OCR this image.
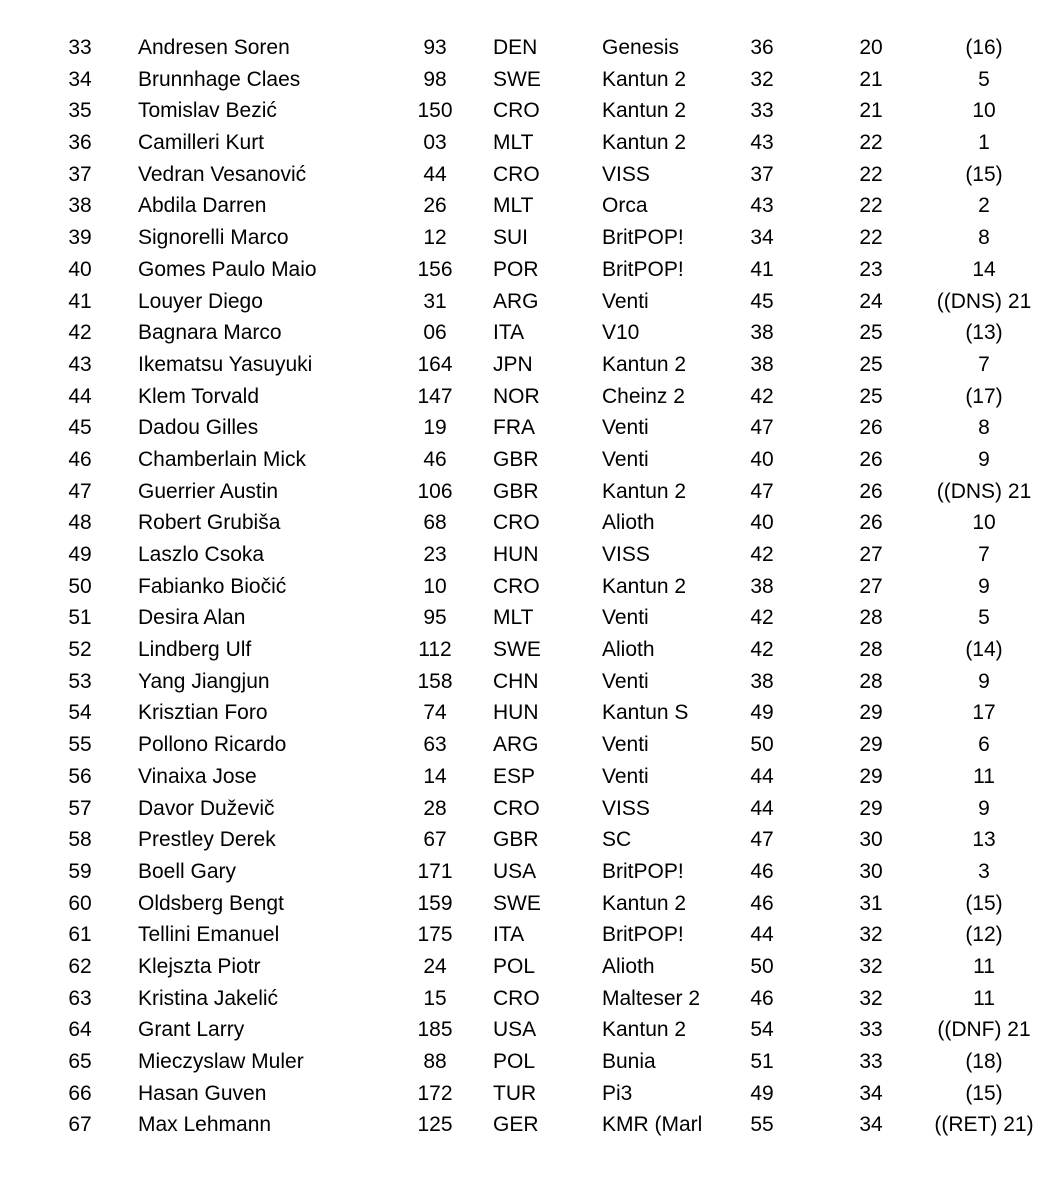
33	Andresen Soren	93	DEN	Genesis	36	20	(16)
34	Brunnhage Claes	98	SWE	Kantun 2	32	21	5
35	Tomislav Bezić	150	CRO	Kantun 2	33	21	10
36	Camilleri Kurt	03	MLT	Kantun 2	43	22	1
37	Vedran Vesanović	44	CRO	VISS	37	22	(15)
38	Abdila Darren	26	MLT	Orca	43	22	2
39	Signorelli Marco	12	SUI	BritPOP!	34	22	8
40	Gomes Paulo Maio	156	POR	BritPOP!	41	23	14
41	Louyer Diego	31	ARG	Venti	45	24	((DNS) 21
42	Bagnara Marco	06	ITA	V10	38	25	(13)
43	Ikematsu Yasuyuki	164	JPN	Kantun 2	38	25	7
44	Klem Torvald	147	NOR	Cheinz 2	42	25	(17)
45	Dadou Gilles	19	FRA	Venti	47	26	8
46	Chamberlain Mick	46	GBR	Venti	40	26	9
47	Guerrier Austin	106	GBR	Kantun 2	47	26	((DNS) 21
48	Robert Grubiša	68	CRO	Alioth	40	26	10
49	Laszlo Csoka	23	HUN	VISS	42	27	7
50	Fabianko Biočić	10	CRO	Kantun 2	38	27	9
51	Desira Alan	95	MLT	Venti	42	28	5
52	Lindberg Ulf	112	SWE	Alioth	42	28	(14)
53	Yang Jiangjun	158	CHN	Venti	38	28	9
54	Krisztian Foro	74	HUN	Kantun S	49	29	17
55	Pollono Ricardo	63	ARG	Venti	50	29	6
56	Vinaixa Jose	14	ESP	Venti	44	29	11
57	Davor Duževič	28	CRO	VISS	44	29	9
58	Prestley Derek	67	GBR	SC	47	30	13
59	Boell Gary	171	USA	BritPOP!	46	30	3
60	Oldsberg Bengt	159	SWE	Kantun 2	46	31	(15)
61	Tellini Emanuel	175	ITA	BritPOP!	44	32	(12)
62	Klejszta Piotr	24	POL	Alioth	50	32	11
63	Kristina Jakelić	15	CRO	Malteser 2	46	32	11
64	Grant Larry	185	USA	Kantun 2	54	33	((DNF) 21
65	Mieczyslaw Muler	88	POL	Bunia	51	33	(18)
66	Hasan Guven	172	TUR	Pi3	49	34	(15)
67	Max Lehmann	125	GER	KMR (Marl	55	34	((RET) 21)
